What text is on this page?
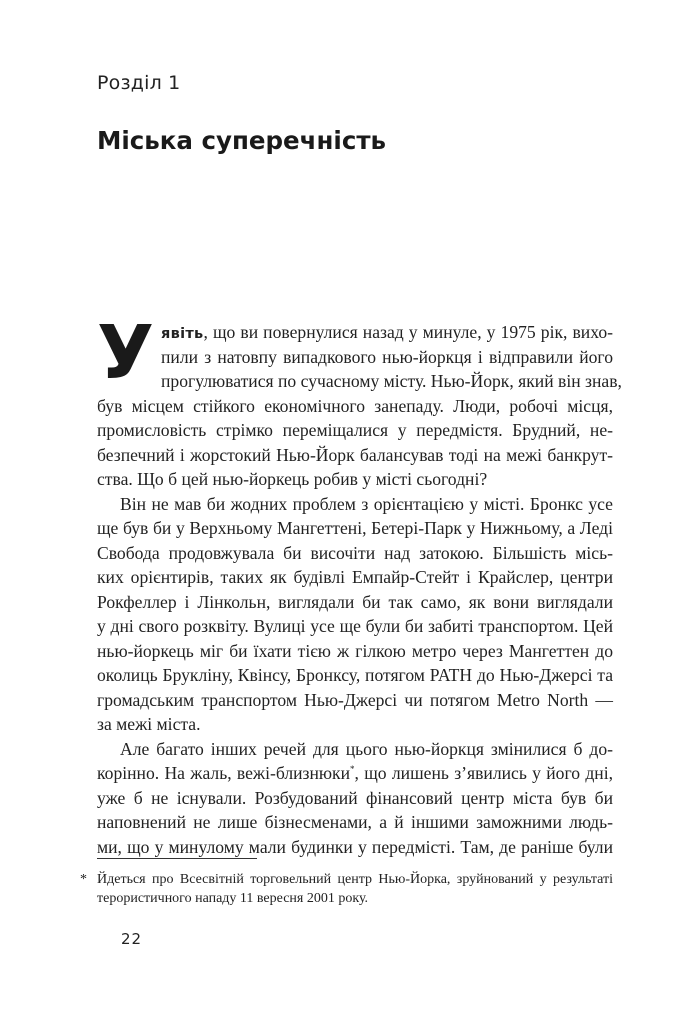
Розділ 1
Міська суперечність
У явіть, що ви повернулися назад у минуле, у 1975 рік, вихо-
пили з натовпу випадкового нью-йоркця і відправили його
прогулюватися по сучасному місту. Нью-Йорк, який він знав,
був місцем стійкого економічного занепаду. Люди, робочі місця,
промисловість стрімко переміщалися у передмістя. Брудний, не-
безпечний і жорстокий Нью-Йорк балансував тоді на межі банкрут-
ства. Що б цей нью-йоркець робив у місті сьогодні?
Він не мав би жодних проблем з орієнтацією у місті. Бронкс усе
ще був би у Верхньому Мангеттені, Бетері-Парк у Нижньому, а Леді
Свобода продовжувала би височіти над затокою. Більшість місь-
ких орієнтирів, таких як будівлі Емпайр-Стейт і Крайслер, центри
Рокфеллер і Лінкольн, виглядали би так само, як вони виглядали
у дні свого розквіту. Вулиці усе ще були би забиті транспортом. Цей
нью-йоркець міг би їхати тією ж гілкою метро через Мангеттен до
околиць Брукліну, Квінсу, Бронксу, потягом PATH до Нью-Джерсі та
громадським транспортом Нью-Джерсі чи потягом Metro North —
за межі міста.
Але багато інших речей для цього нью-йоркця змінилися б до-
корінно. На жаль, вежі-близнюки*, що лишень з’явились у його дні,
уже б не існували. Розбудований фінансовий центр міста був би
наповнений не лише бізнесменами, а й іншими заможними людь-
ми, що у минулому мали будинки у передмісті. Там, де раніше були
* Йдеться про Всесвітній торговельний центр Нью-Йорка, зруйнований у результаті
терористичного нападу 11 вересня 2001 року.
22
